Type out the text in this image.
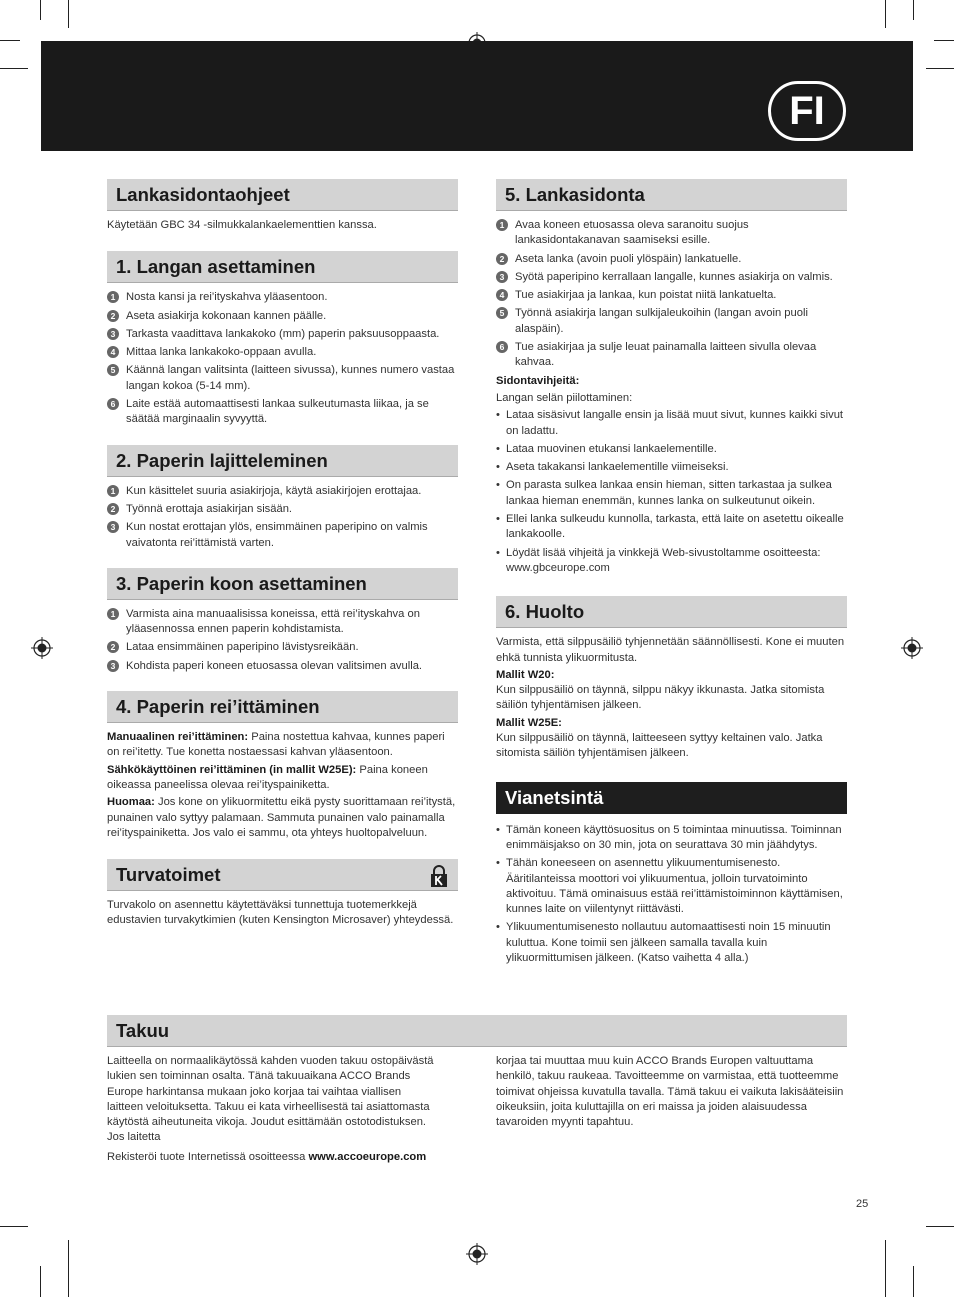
FI
Lankasidontaohjeet

Käytetään GBC 34 -silmukkalankaelementtien kanssa.

1. Langan asettaminen
1 Nosta kansi ja rei’ityskahva yläasentoon.
2 Aseta asiakirja kokonaan kannen päälle.
3 Tarkasta vaadittava lankakoko (mm) paperin paksuusoppaasta.
4 Mittaa lanka lankakoko-oppaan avulla.
5 Käännä langan valitsinta (laitteen sivussa), kunnes numero vastaa langan kokoa (5-14 mm).
6 Laite estää automaattisesti lankaa sulkeutumasta liikaa, ja se säätää marginaalin syvyyttä.
2. Paperin lajitteleminen
1 Kun käsittelet suuria asiakirjoja, käytä asiakirjojen erottajaa.
2 Työnnä erottaja asiakirjan sisään.
3 Kun nostat erottajan ylös, ensimmäinen paperipino on valmis vaivatonta rei’ittämistä varten.
3. Paperin koon asettaminen
1 Varmista aina manuaalisissa koneissa, että rei’ityskahva on yläasennossa ennen paperin kohdistamista.
2 Lataa ensimmäinen paperipino lävistysreikään.
3 Kohdista paperi koneen etuosassa olevan valitsimen avulla.
4. Paperin rei’ittäminen

Manuaalinen rei’ittäminen: Paina nostettua kahvaa, kunnes paperi on rei’itetty. Tue konetta nostaessasi kahvan yläasentoon.

Sähkökäyttöinen rei’ittäminen (in mallit W25E): Paina koneen oikeassa paneelissa olevaa rei’ityspainiketta.

Huomaa: Jos kone on ylikuormitettu eikä pysty suorittamaan rei’itystä, punainen valo syttyy palamaan. Sammuta punainen valo painamalla rei’ityspainiketta. Jos valo ei sammu, ota yhteys huoltopalveluun.

Turvatoimet

Turvakolo on asennettu käytettäväksi tunnettuja tuotemerkkejä edustavien turvakytkimien (kuten Kensington Microsaver) yhteydessä.

5. Lankasidonta
1 Avaa koneen etuosassa oleva saranoitu suojus lankasidontakanavan saamiseksi esille.
2 Aseta lanka (avoin puoli ylöspäin) lankatuelle.
3 Syötä paperipino kerrallaan langalle, kunnes asiakirja on valmis.
4 Tue asiakirjaa ja lankaa, kun poistat niitä lankatuelta.
5 Työnnä asiakirja langan sulkijaleukoihin (langan avoin puoli alaspäin).
6 Tue asiakirjaa ja sulje leuat painamalla laitteen sivulla olevaa kahvaa.

Sidontavihjeitä:

Langan selän piilottaminen:

• Lataa sisäsivut langalle ensin ja lisää muut sivut, kunnes kaikki sivut on ladattu.
• Lataa muovinen etukansi lankaelementille.
• Aseta takakansi lankaelementille viimeiseksi.
• On parasta sulkea lankaa ensin hieman, sitten tarkastaa ja sulkea lankaa hieman enemmän, kunnes lanka on sulkeutunut oikein.
• Ellei lanka sulkeudu kunnolla, tarkasta, että laite on asetettu oikealle lankakoolle.
• Löydät lisää vihjeitä ja vinkkejä Web-sivustoltamme osoitteesta: www.gbceurope.com
6. Huolto

Varmista, että silppusäiliö tyhjennetään säännöllisesti. Kone ei muuten ehkä tunnista ylikuormitusta.

Mallit W20:

Kun silppusäiliö on täynnä, silppu näkyy ikkunasta. Jatka sitomista säiliön tyhjentämisen jälkeen.

Mallit W25E:

Kun silppusäiliö on täynnä, laitteeseen syttyy keltainen valo. Jatka sitomista säiliön tyhjentämisen jälkeen.

Vianetsintä
• Tämän koneen käyttösuositus on 5 toimintaa minuutissa. Toiminnan enimmäisjakso on 30 min, jota on seurattava 30 min jäähdytys.
• Tähän koneeseen on asennettu ylikuumentumisenesto. Ääritilanteissa moottori voi ylikuumentua, jolloin turvatoiminto aktivoituu. Tämä ominaisuus estää rei’ittämistoiminnon käyttämisen, kunnes laite on viilentynyt riittävästi.
• Ylikuumentumisenesto nollautuu automaattisesti noin 15 minuutin kuluttua. Kone toimii sen jälkeen samalla tavalla kuin ylikuormittumisen jälkeen. (Katso vaihetta 4 alla.)
Takuu

Laitteella on normaalikäytössä kahden vuoden takuu ostopäivästä lukien sen toiminnan osalta. Tänä takuuaikana ACCO Brands Europe harkintansa mukaan joko korjaa tai vaihtaa viallisen laitteen veloituksetta. Takuu ei kata virheellisestä tai asiattomasta käytöstä aiheutuneita vikoja. Joudut esittämään ostotodistuksen. Jos laitetta

Rekisteröi tuote Internetissä osoitteessa www.accoeurope.com

korjaa tai muuttaa muu kuin ACCO Brands Europen valtuuttama henkilö, takuu raukeaa. Tavoitteemme on varmistaa, että tuotteemme toimivat ohjeissa kuvatulla tavalla. Tämä takuu ei vaikuta lakisääteisiin oikeuksiin, joita kuluttajilla on eri maissa ja joiden alaisuudessa tavaroiden myynti tapahtuu.

25
